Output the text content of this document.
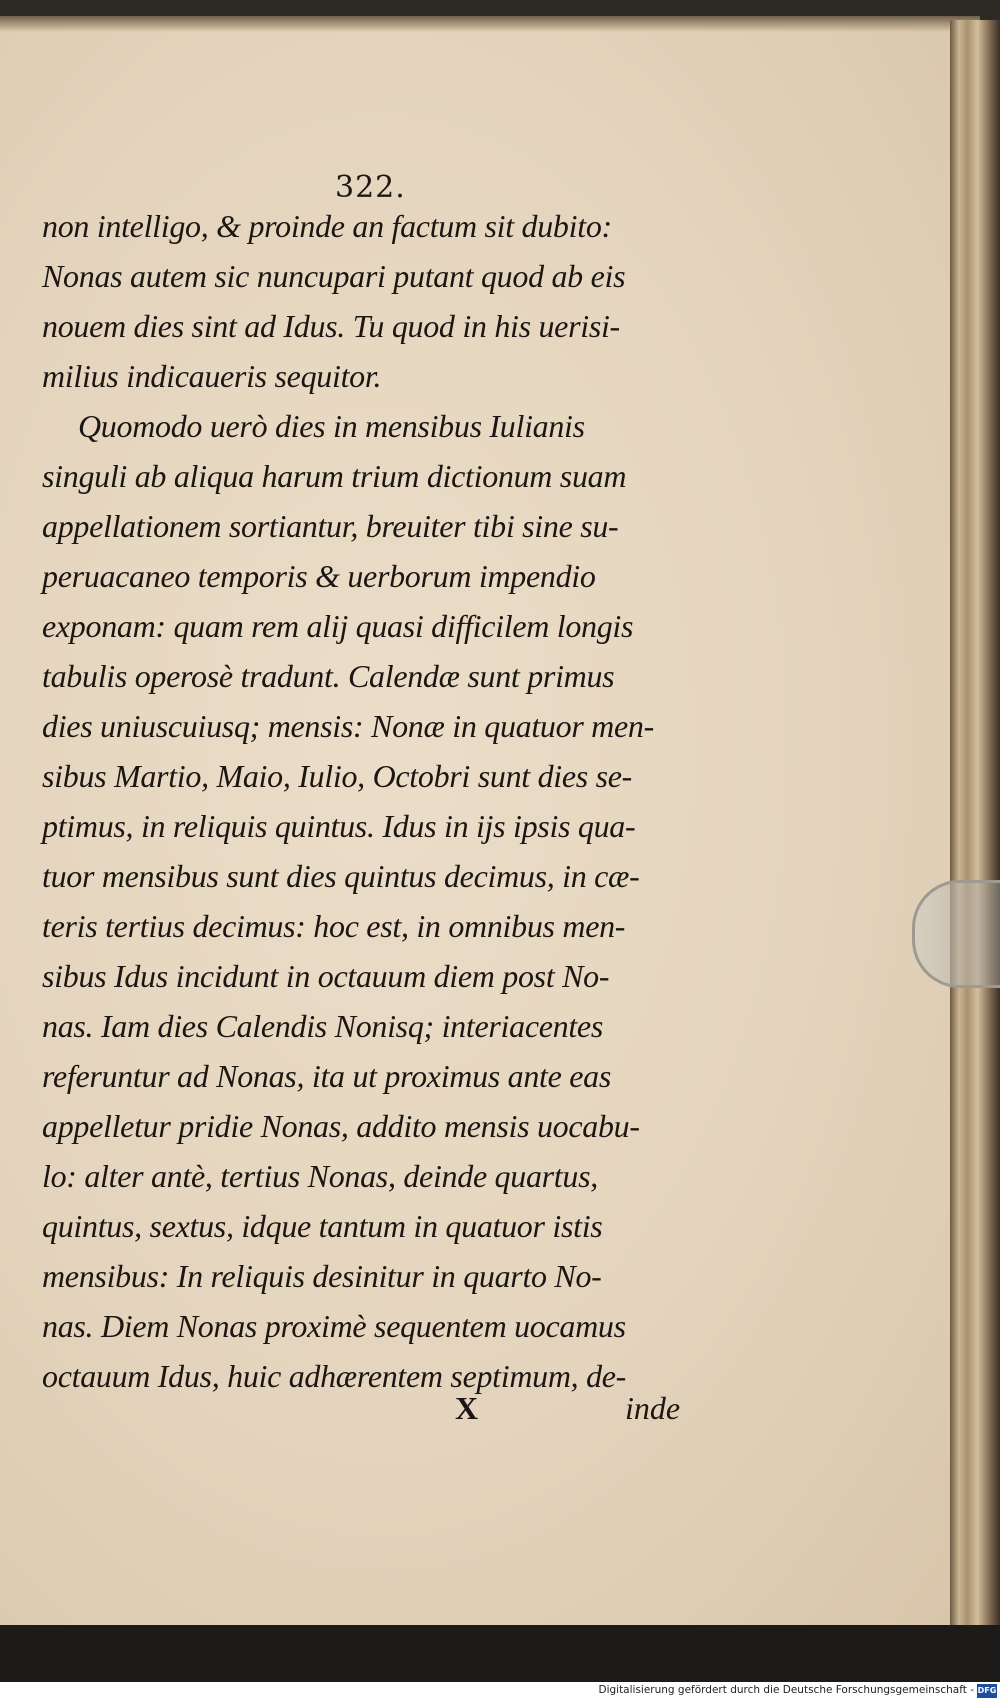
322.
non intelligo, & proinde an factum sit dubito:
Nonas autem sic nuncupari putant quod ab eis
nouem dies sint ad Idus. Tu quod in his uerisi-
milius indicaueris sequitor.
Quomodo uerò dies in mensibus Iulianis
singuli ab aliqua harum trium dictionum suam
appellationem sortiantur, breuiter tibi sine su-
peruacaneo temporis & uerborum impendio
exponam: quam rem alij quasi difficilem longis
tabulis operosè tradunt. Calendæ sunt primus
dies uniuscuiusq; mensis: Nonæ in quatuor men-
sibus Martio, Maio, Iulio, Octobri sunt dies se-
ptimus, in reliquis quintus. Idus in ijs ipsis qua-
tuor mensibus sunt dies quintus decimus, in cæ-
teris tertius decimus: hoc est, in omnibus men-
sibus Idus incidunt in octauum diem post No-
nas. Iam dies Calendis Nonisq; interiacentes
referuntur ad Nonas, ita ut proximus ante eas
appelletur pridie Nonas, addito mensis uocabu-
lo: alter antè, tertius Nonas, deinde quartus,
quintus, sextus, idque tantum in quatuor istis
mensibus: In reliquis desinitur in quarto No-
nas. Diem Nonas proximè sequentem uocamus
octauum Idus, huic adhærentem septimum, de-
X	inde
Digitalisierung gefördert durch die Deutsche Forschungsgemeinschaft - DFG
